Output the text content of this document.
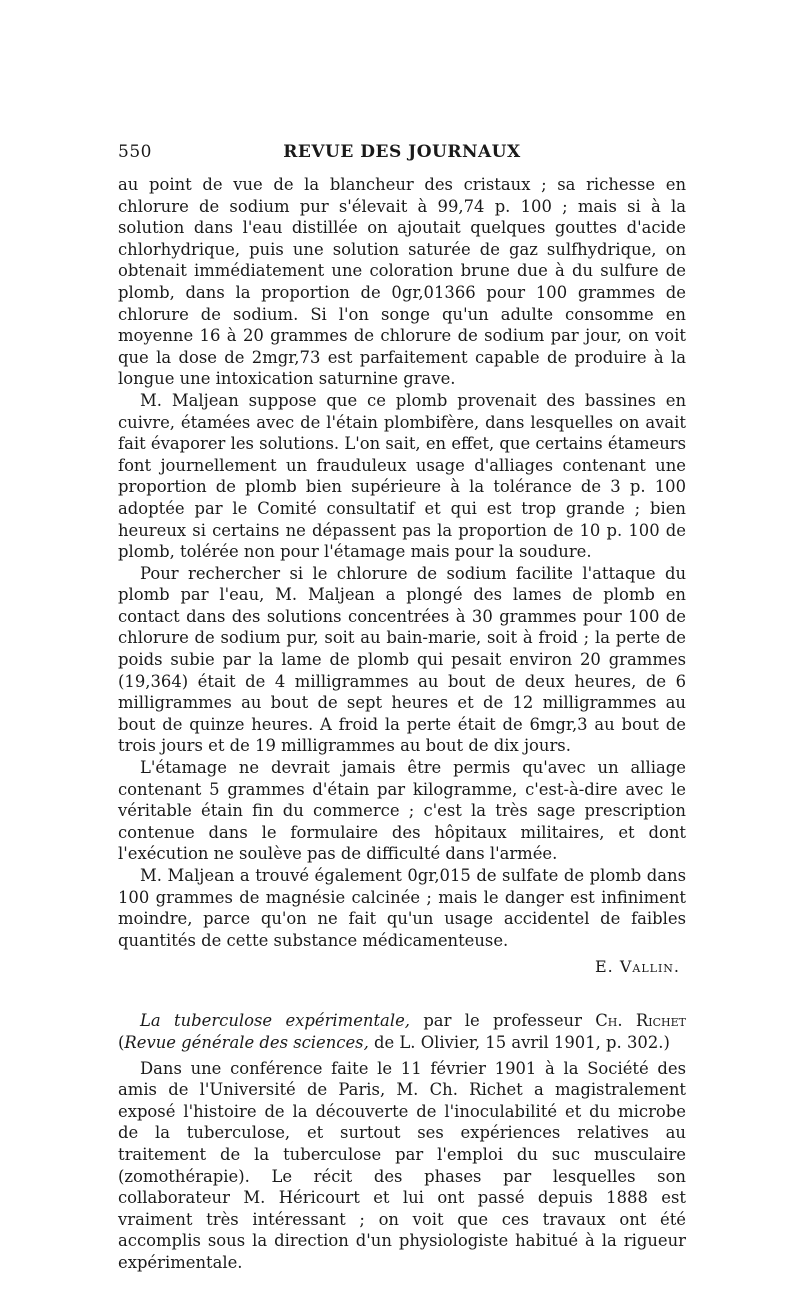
550	REVUE DES JOURNAUX

au point de vue de la blancheur des cristaux ; sa richesse en chlorure de sodium pur s'élevait à 99,74 p. 100 ; mais si à la solution dans l'eau distillée on ajoutait quelques gouttes d'acide chlorhydrique, puis une solution saturée de gaz sulfhydrique, on obtenait immédiatement une coloration brune due à du sulfure de plomb, dans la proportion de 0gr,01366 pour 100 grammes de chlorure de sodium. Si l'on songe qu'un adulte consomme en moyenne 16 à 20 grammes de chlorure de sodium par jour, on voit que la dose de 2mgr,73 est parfaitement capable de produire à la longue une intoxication saturnine grave.

M. Maljean suppose que ce plomb provenait des bassines en cuivre, étamées avec de l'étain plombifère, dans lesquelles on avait fait évaporer les solutions. L'on sait, en effet, que certains étameurs font journellement un frauduleux usage d'alliages contenant une proportion de plomb bien supérieure à la tolérance de 3 p. 100 adoptée par le Comité consultatif et qui est trop grande ; bien heureux si certains ne dépassent pas la proportion de 10 p. 100 de plomb, tolérée non pour l'étamage mais pour la soudure.

Pour rechercher si le chlorure de sodium facilite l'attaque du plomb par l'eau, M. Maljean a plongé des lames de plomb en contact dans des solutions concentrées à 30 grammes pour 100 de chlorure de sodium pur, soit au bain-marie, soit à froid ; la perte de poids subie par la lame de plomb qui pesait environ 20 grammes (19,364) était de 4 milligrammes au bout de deux heures, de 6 milligrammes au bout de sept heures et de 12 milligrammes au bout de quinze heures. A froid la perte était de 6mgr,3 au bout de trois jours et de 19 milligrammes au bout de dix jours.

L'étamage ne devrait jamais être permis qu'avec un alliage contenant 5 grammes d'étain par kilogramme, c'est-à-dire avec le véritable étain fin du commerce ; c'est la très sage prescription contenue dans le formulaire des hôpitaux militaires, et dont l'exécution ne soulève pas de difficulté dans l'armée.

M. Maljean a trouvé également 0gr,015 de sulfate de plomb dans 100 grammes de magnésie calcinée ; mais le danger est infiniment moindre, parce qu'on ne fait qu'un usage accidentel de faibles quantités de cette substance médicamenteuse.

E. Vallin.

La tuberculose expérimentale, par le professeur Ch. Richet (Revue générale des sciences, de L. Olivier, 15 avril 1901, p. 302.)

Dans une conférence faite le 11 février 1901 à la Société des amis de l'Université de Paris, M. Ch. Richet a magistralement exposé l'histoire de la découverte de l'inoculabilité et du microbe de la tuberculose, et surtout ses expériences relatives au traitement de la tuberculose par l'emploi du suc musculaire (zomothérapie). Le récit des phases par lesquelles son collaborateur M. Héricourt et lui ont passé depuis 1888 est vraiment très intéressant ; on voit que ces travaux ont été accomplis sous la direction d'un physiologiste habitué à la rigueur expérimentale.
